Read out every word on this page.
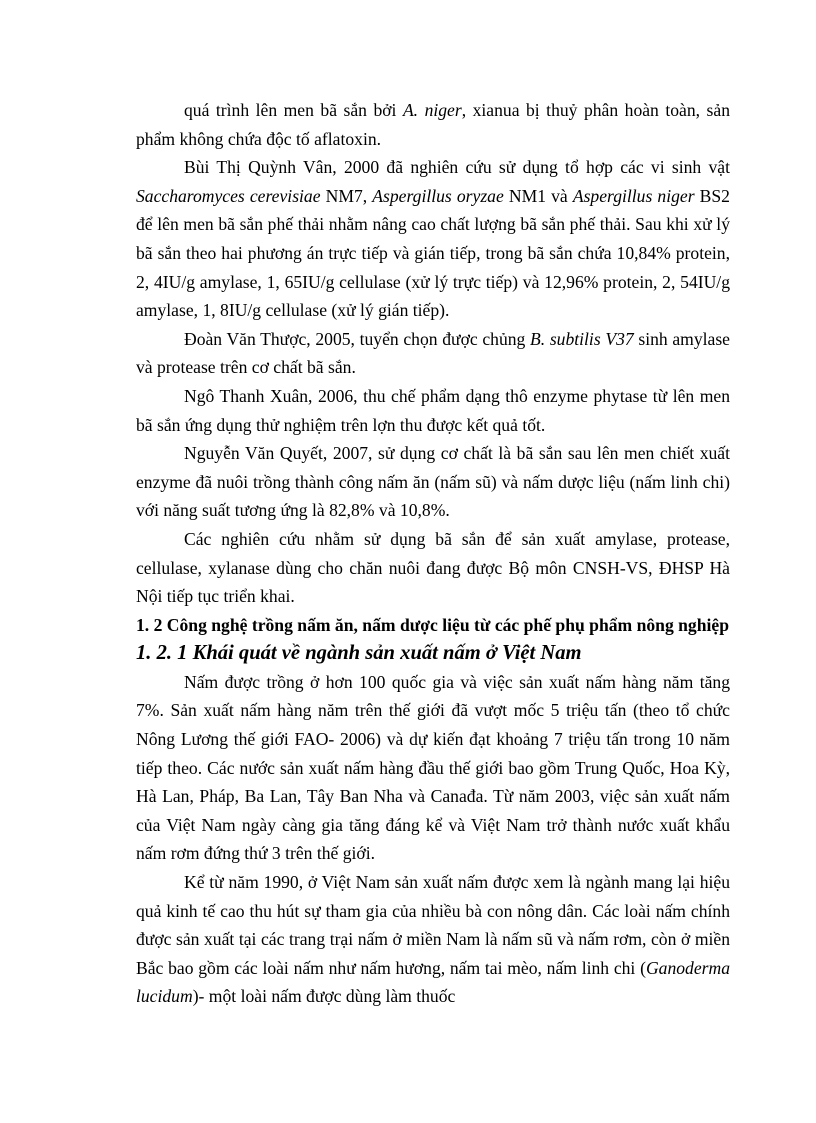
quá trình lên men bã sắn bởi A. niger, xianua bị thuỷ phân hoàn toàn, sản phẩm không chứa độc tố aflatoxin.

Bùi Thị Quỳnh Vân, 2000 đã nghiên cứu sử dụng tổ hợp các vi sinh vật Saccharomyces cerevisiae NM7, Aspergillus oryzae NM1 và Aspergillus niger BS2 để lên men bã sắn phế thải nhằm nâng cao chất lượng bã sắn phế thải. Sau khi xử lý bã sắn theo hai phương án trực tiếp và gián tiếp, trong bã sắn chứa 10,84% protein, 2, 4IU/g amylase, 1, 65IU/g cellulase (xử lý trực tiếp) và 12,96% protein, 2, 54IU/g amylase, 1, 8IU/g cellulase (xử lý gián tiếp).

Đoàn Văn Thược, 2005, tuyển chọn được chủng B. subtilis V37 sinh amylase và protease trên cơ chất bã sắn.

Ngô Thanh Xuân, 2006, thu chế phẩm dạng thô enzyme phytase từ lên men bã sắn ứng dụng thử nghiệm trên lợn thu được kết quả tốt.

Nguyễn Văn Quyết, 2007, sử dụng cơ chất là bã sắn sau lên men chiết xuất enzyme đã nuôi trồng thành công nấm ăn (nấm sũ) và nấm dược liệu (nấm linh chi) với năng suất tương ứng là 82,8% và 10,8%.

Các nghiên cứu nhằm sử dụng bã sắn để sản xuất amylase, protease, cellulase, xylanase dùng cho chăn nuôi đang được Bộ môn CNSH-VS, ĐHSP Hà Nội tiếp tục triển khai.

1. 2 Công nghệ trồng nấm ăn, nấm dược liệu từ các phế phụ phẩm nông nghiệp
1. 2. 1 Khái quát về ngành sản xuất nấm ở Việt Nam

Nấm được trồng ở hơn 100 quốc gia và việc sản xuất nấm hàng năm tăng 7%. Sản xuất nấm hàng năm trên thế giới đã vượt mốc 5 triệu tấn (theo tổ chức Nông Lương thế giới FAO- 2006) và dự kiến đạt khoảng 7 triệu tấn trong 10 năm tiếp theo. Các nước sản xuất nấm hàng đầu thế giới bao gồm Trung Quốc, Hoa Kỳ, Hà Lan, Pháp, Ba Lan, Tây Ban Nha và Canađa. Từ năm 2003, việc sản xuất nấm của Việt Nam ngày càng gia tăng đáng kể và Việt Nam trở thành nước xuất khẩu nấm rơm đứng thứ 3 trên thế giới.

Kể từ năm 1990, ở Việt Nam sản xuất nấm được xem là ngành mang lại hiệu quả kinh tế cao thu hút sự tham gia của nhiều bà con nông dân. Các loài nấm chính được sản xuất tại các trang trại nấm ở miền Nam là nấm sũ và nấm rơm, còn ở miền Bắc bao gồm các loài nấm như nấm hương, nấm tai mèo, nấm linh chi (Ganoderma lucidum)- một loài nấm được dùng làm thuốc
